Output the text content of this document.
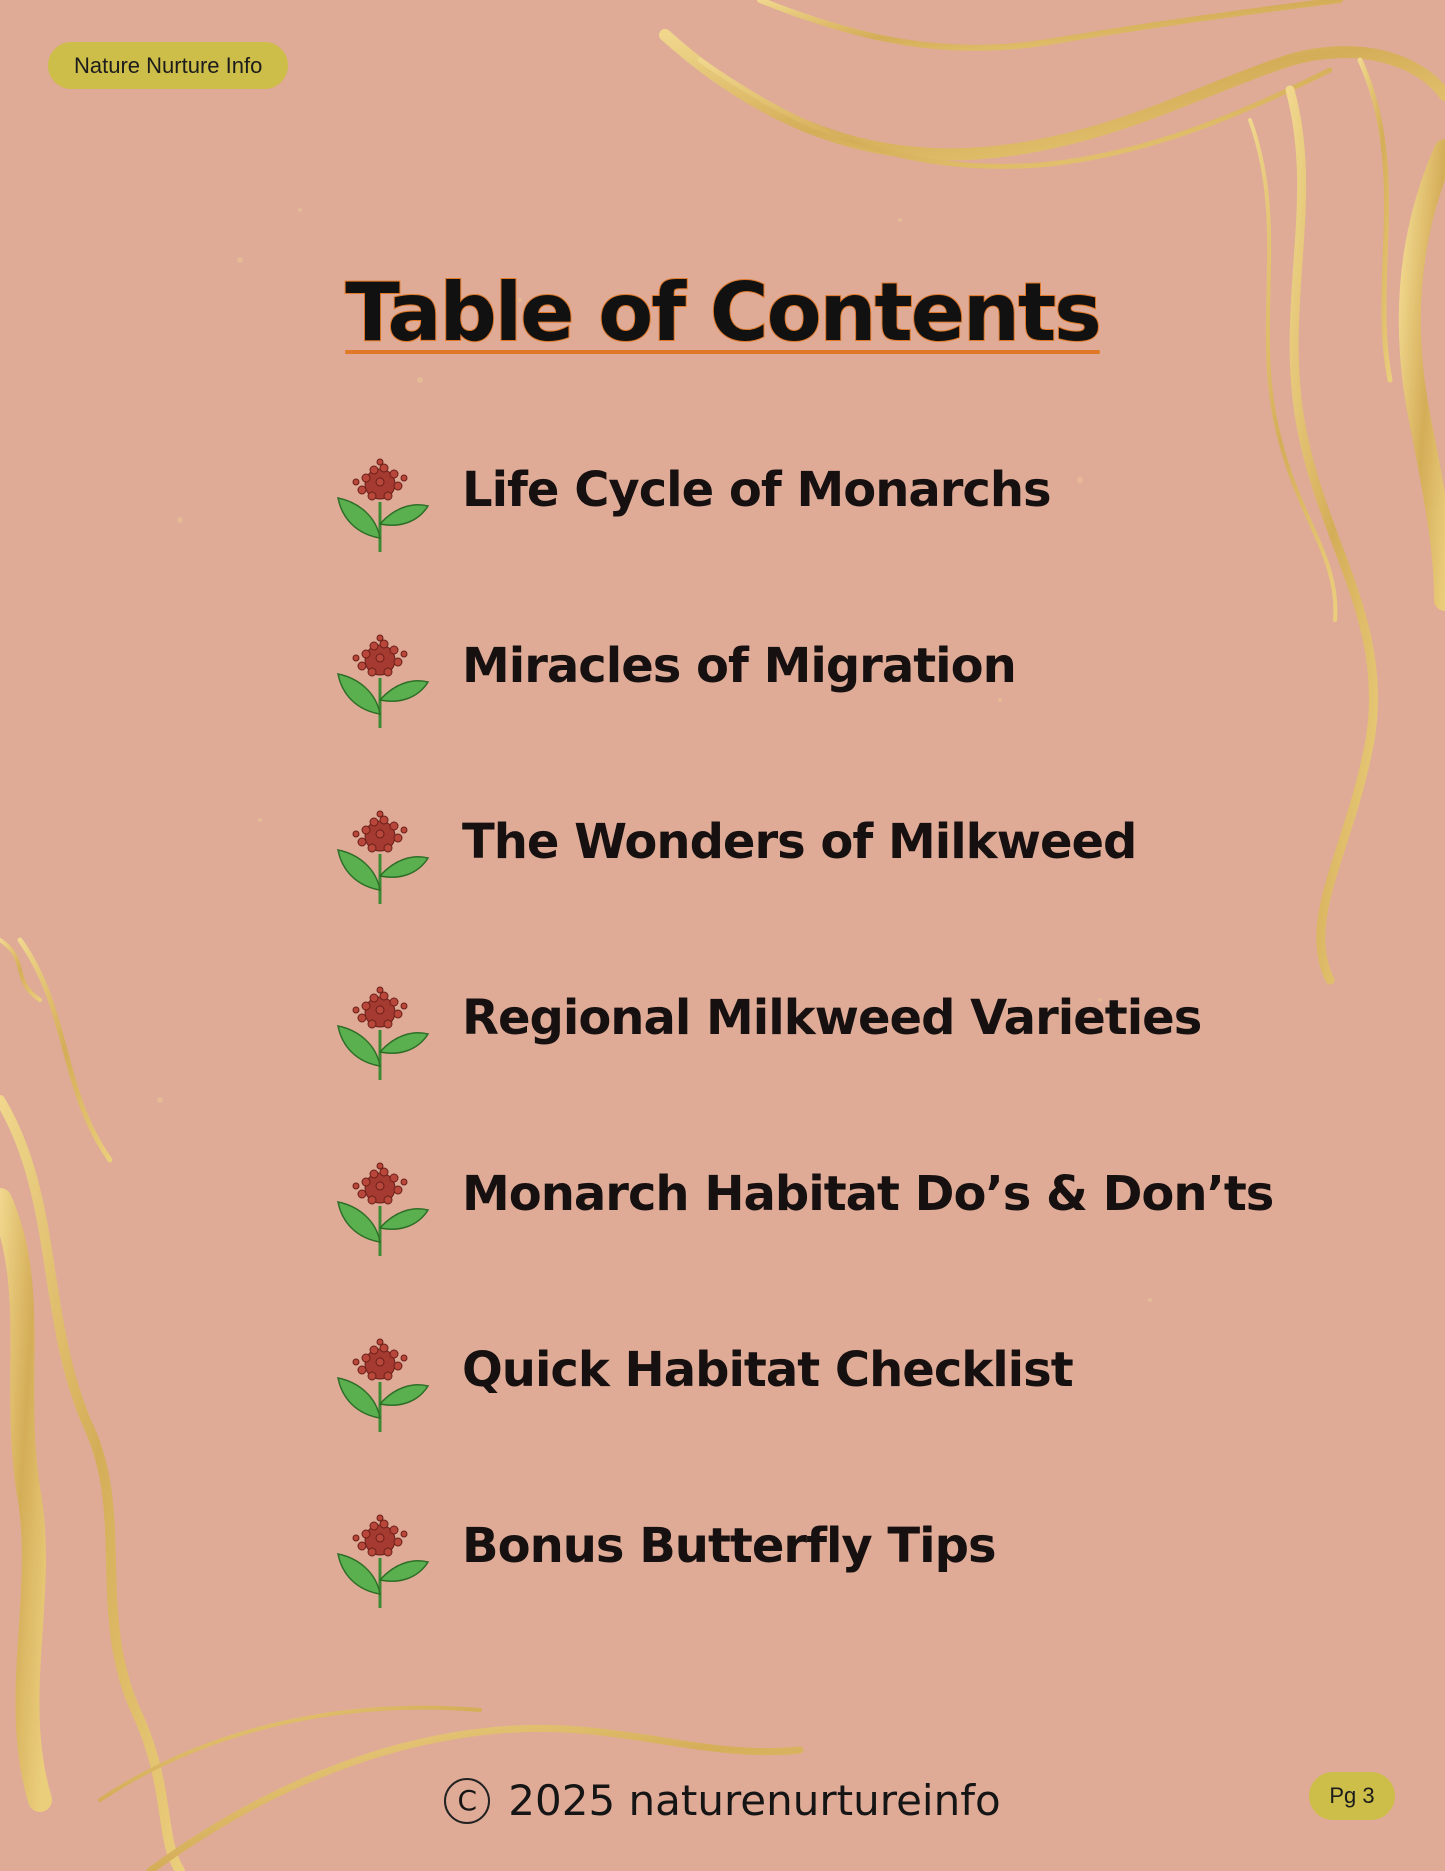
Nature Nurture Info
Table of Contents
Life Cycle of Monarchs
Miracles of Migration
The Wonders of Milkweed
Regional Milkweed Varieties
Monarch Habitat Do’s & Don’ts
Quick Habitat Checklist
Bonus Butterfly Tips
C 2025 naturenurtureinfo	Pg 3
